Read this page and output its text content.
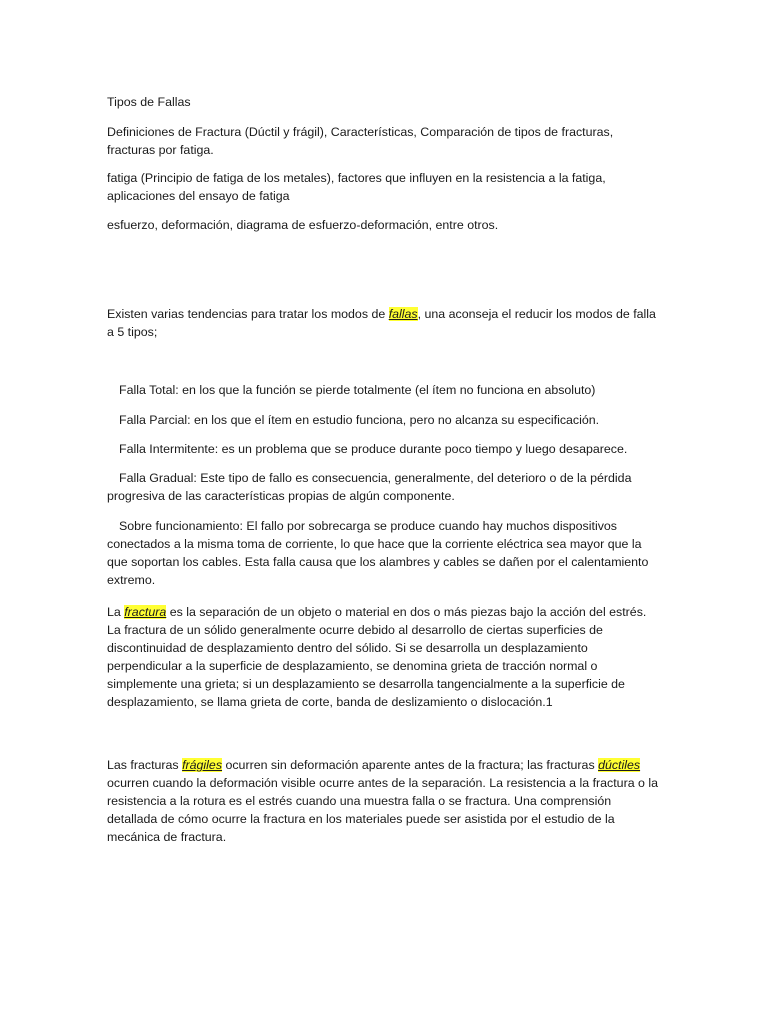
Tipos de Fallas

Definiciones de Fractura (Dúctil y frágil), Características, Comparación de tipos de fracturas, fracturas por fatiga.

fatiga (Principio de fatiga de los metales), factores que influyen en la resistencia a la fatiga, aplicaciones del ensayo de fatiga

esfuerzo, deformación, diagrama de esfuerzo-deformación, entre otros.

Existen varias tendencias para tratar los modos de fallas, una aconseja el reducir los modos de falla a 5 tipos;

Falla Total: en los que la función se pierde totalmente (el ítem no funciona en absoluto)

Falla Parcial: en los que el ítem en estudio funciona, pero no alcanza su especificación.

Falla Intermitente: es un problema que se produce durante poco tiempo y luego desaparece.

Falla Gradual: Este tipo de fallo es consecuencia, generalmente, del deterioro o de la pérdida progresiva de las características propias de algún componente.

Sobre funcionamiento: El fallo por sobrecarga se produce cuando hay muchos dispositivos conectados a la misma toma de corriente, lo que hace que la corriente eléctrica sea mayor que la que soportan los cables. Esta falla causa que los alambres y cables se dañen por el calentamiento extremo.

La fractura es la separación de un objeto o material en dos o más piezas bajo la acción del estrés. La fractura de un sólido generalmente ocurre debido al desarrollo de ciertas superficies de discontinuidad de desplazamiento dentro del sólido. Si se desarrolla un desplazamiento perpendicular a la superficie de desplazamiento, se denomina grieta de tracción normal o simplemente una grieta; si un desplazamiento se desarrolla tangencialmente a la superficie de desplazamiento, se llama grieta de corte, banda de deslizamiento o dislocación.1

Las fracturas frágiles ocurren sin deformación aparente antes de la fractura; las fracturas dúctiles ocurren cuando la deformación visible ocurre antes de la separación. La resistencia a la fractura o la resistencia a la rotura es el estrés cuando una muestra falla o se fractura. Una comprensión detallada de cómo ocurre la fractura en los materiales puede ser asistida por el estudio de la mecánica de fractura.
